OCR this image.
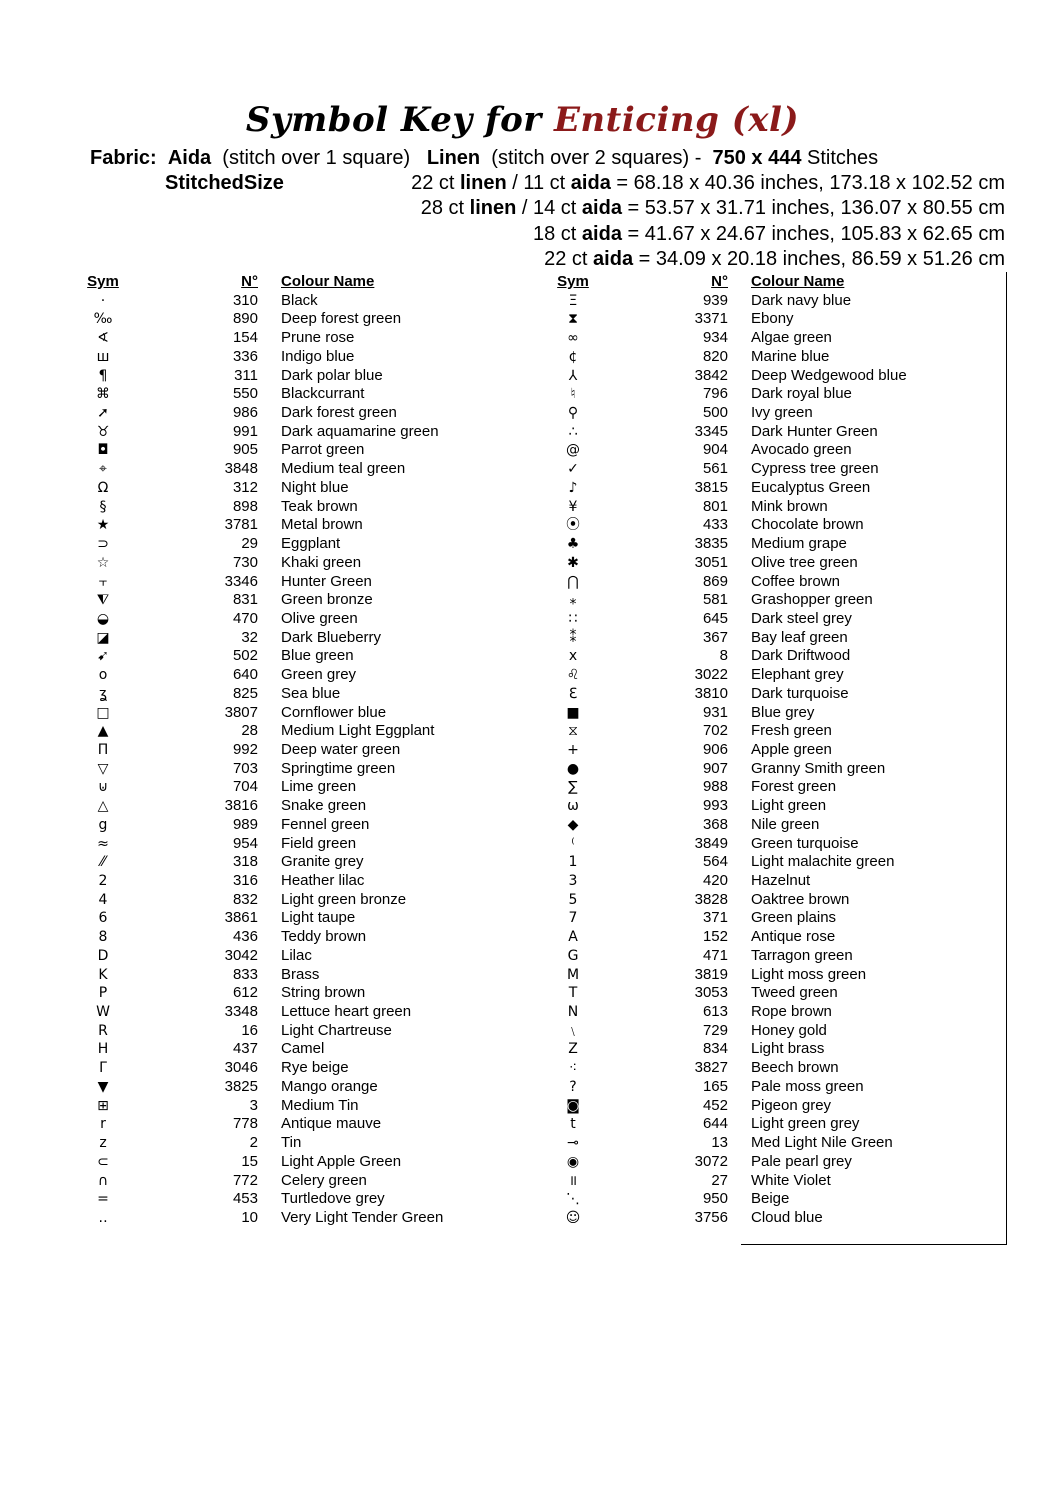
Symbol Key for Enticing (xl)
Fabric: Aida (stitch over 1 square) Linen (stitch over 2 squares) - 750 x 444 Stitches
StitchedSize	22 ct linen / 11 ct aida = 68.18 x 40.36 inches, 173.18 x 102.52 cm
28 ct linen / 14 ct aida = 53.57 x 31.71 inches, 136.07 x 80.55 cm
18 ct aida = 41.67 x 24.67 inches, 105.83 x 62.65 cm
22 ct aida = 34.09 x 20.18 inches, 86.59 x 51.26 cm
Sym	N° Colour Name
·	310 Black
‰	890 Deep forest green
∢	154 Prune rose
ш	336 Indigo blue
¶	311 Dark polar blue
⌘	550 Blackcurrant
➚	986 Dark forest green
♉	991 Dark aquamarine green
◘	905 Parrot green
⌖	3848 Medium teal green
Ω	312 Night blue
§	898 Teak brown
★	3781 Metal brown
⊃	29 Eggplant
☆	730 Khaki green
⫟	3346 Hunter Green
⧨	831 Green bronze
◒	470 Olive green
◪	32 Dark Blueberry
➹	502 Blue green
o	640 Green grey
ʓ	825 Sea blue
□	3807 Cornflower blue
▲	28 Medium Light Eggplant
Π	992 Deep water green
▽	703 Springtime green
⊍	704 Lime green
△	3816 Snake green
g	989 Fennel green
≈	954 Field green
⁄⁄	318 Granite grey
2	316 Heather lilac
4	832 Light green bronze
6	3861 Light taupe
8	436 Teddy brown
D	3042 Lilac
K	833 Brass
P	612 String brown
W	3348 Lettuce heart green
R	16 Light Chartreuse
H	437 Camel
Γ	3046 Rye beige
▼	3825 Mango orange
⊞	3 Medium Tin
r	778 Antique mauve
z	2 Tin
⊂	15 Light Apple Green
∩	772 Celery green
=	453 Turtledove grey
‥	10 Very Light Tender Green
Sym	N° Colour Name
Ξ	939 Dark navy blue
⧗	3371 Ebony
∞	934 Algae green
¢	820 Marine blue
⅄	3842 Deep Wedgewood blue
♮	796 Dark royal blue
⚲	500 Ivy green
∴	3345 Dark Hunter Green
@	904 Avocado green
✓	561 Cypress tree green
♪	3815 Eucalyptus Green
¥	801 Mink brown
⦿	433 Chocolate brown
♣	3835 Medium grape
✱	3051 Olive tree green
⋂	869 Coffee brown
⁎	581 Grashopper green
∷	645 Dark steel grey
⁑	367 Bay leaf green
x	8 Dark Driftwood
♌	3022 Elephant grey
ℇ	3810 Dark turquoise
■	931 Blue grey
⧖	702 Fresh green
+	906 Apple green
●	907 Granny Smith green
∑	988 Forest green
ω	993 Light green
◆	368 Nile green
⁽	3849 Green turquoise
1	564 Light malachite green
3	420 Hazelnut
5	3828 Oaktree brown
7	371 Green plains
A	152 Antique rose
G	471 Tarragon green
M	3819 Light moss green
T	3053 Tweed green
N	613 Rope brown
﹨	729 Honey gold
Z	834 Light brass
⁖	3827 Beech brown
?	165 Pale moss green
◙	452 Pigeon grey
t	644 Light green grey
⊸	13 Med Light Nile Green
◉	3072 Pale pearl grey
॥	27 White Violet
⋱	950 Beige
☺	3756 Cloud blue
